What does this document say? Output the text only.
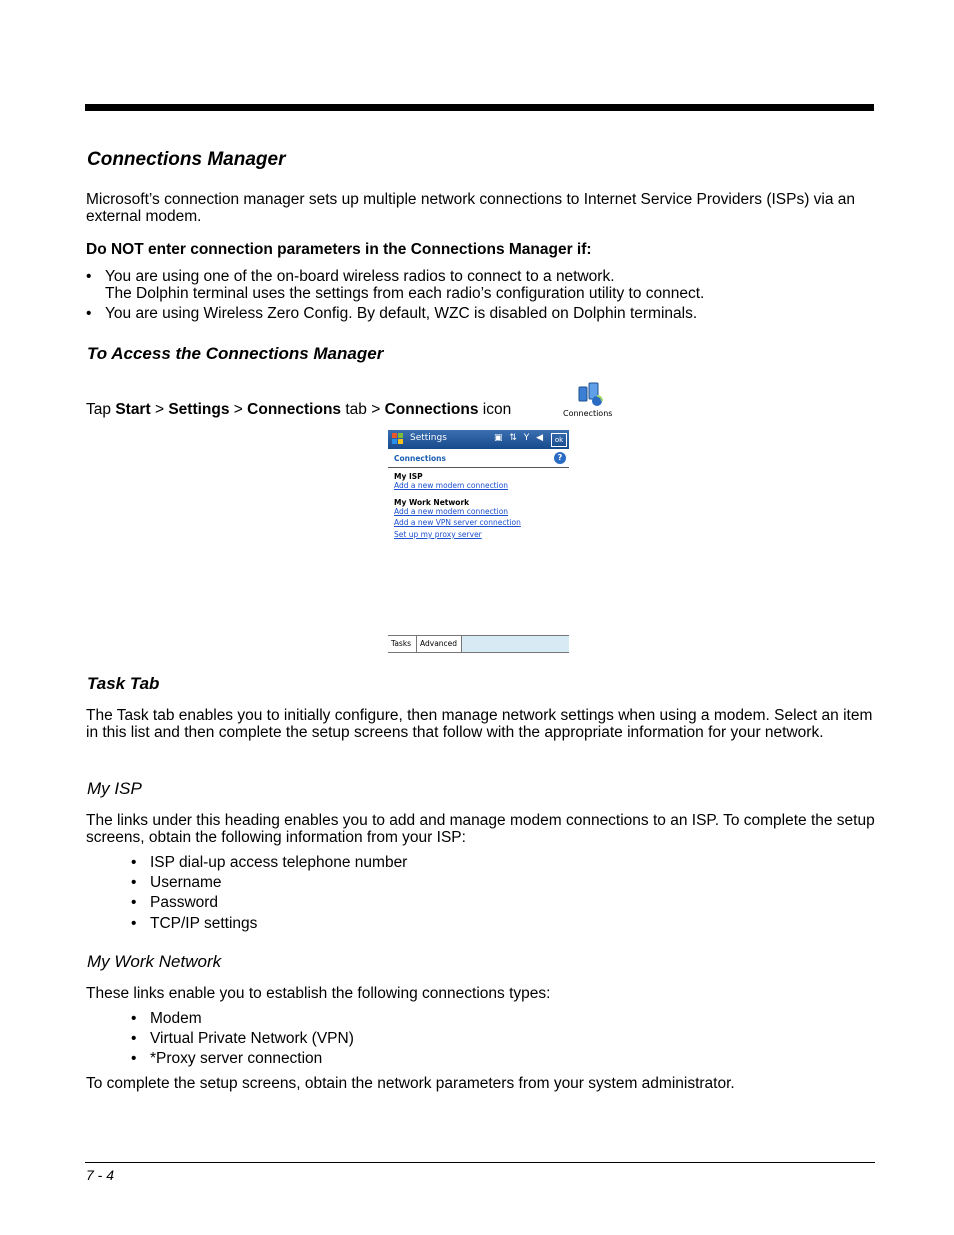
Connections Manager
Microsoft’s connection manager sets up multiple network connections to Internet Service Providers (ISPs) via an external modem.
Do NOT enter connection parameters in the Connections Manager if:
• You are using one of the on-board wireless radios to connect to a network.
The Dolphin terminal uses the settings from each radio’s configuration utility to connect.
• You are using Wireless Zero Config. By default, WZC is disabled on Dolphin terminals.
To Access the Connections Manager
Tap Start > Settings > Connections tab > Connections icon	Connections
Settings	▣ ⇅ Y ◀	ok
Connections	?
My ISP
Add a new modem connection
My Work Network
Add a new modem connection
Add a new VPN server connection
Set up my proxy server
Tasks	Advanced
Task Tab
The Task tab enables you to initially configure, then manage network settings when using a modem. Select an item in this list and then complete the setup screens that follow with the appropriate information for your network.
My ISP
The links under this heading enables you to add and manage modem connections to an ISP. To complete the setup screens, obtain the following information from your ISP:
• ISP dial-up access telephone number
• Username
• Password
• TCP/IP settings
My Work Network
These links enable you to establish the following connections types:
• Modem
• Virtual Private Network (VPN)
• *Proxy server connection
To complete the setup screens, obtain the network parameters from your system administrator.
7 - 4
